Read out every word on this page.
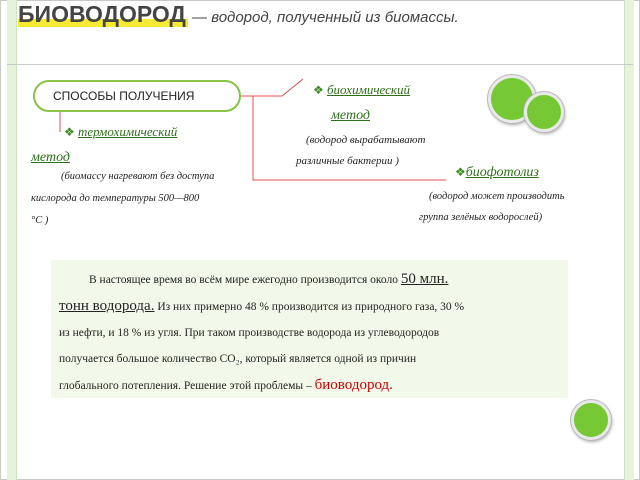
БИОВОДОРОД — водород, полученный из биомассы.
СПОСОБЫ ПОЛУЧЕНИЯ	❖ биохимический
метод
(водород вырабатывают
различные бактерии )
❖ термохимический
метод
(биомассу нагревают без доступа
кислорода до температуры 500—800
°C )
❖биофотолиз
(водород может производить
группа зелёных водорослей)
В настоящее время во всём мире ежегодно производится около 50 млн.
тонн водорода. Из них примерно 48 % производится из природного газа, 30 %
из нефти, и 18 % из угля. При таком производстве водорода из углеводородов
получается большое количество CO₂, который является одной из причин
глобального потепления. Решение этой проблемы – биоводород.
